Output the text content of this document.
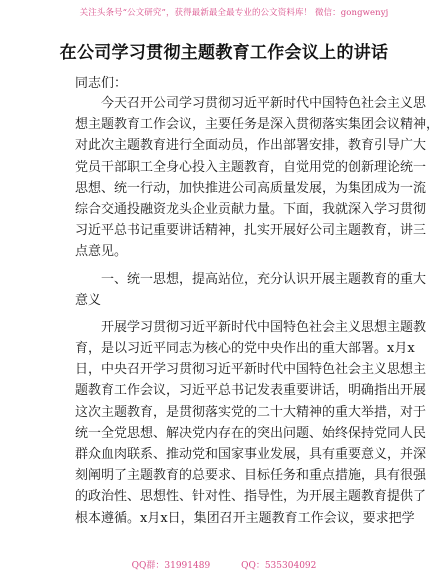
关注头条号“公文研究”，获得最新最全最专业的公文资料库！ 微信：gongwenyj
在公司学习贯彻主题教育工作会议上的讲话
同志们：
今天召开公司学习贯彻习近平新时代中国特色社会主义思
想主题教育工作会议，主要任务是深入贯彻落实集团会议精神，
对此次主题教育进行全面动员，作出部署安排，教育引导广大
党员干部职工全身心投入主题教育，自觉用党的创新理论统一
思想、统一行动，加快推进公司高质量发展，为集团成为一流
综合交通投融资龙头企业贡献力量。下面，我就深入学习贯彻
习近平总书记重要讲话精神，扎实开展好公司主题教育，讲三
点意见。
一、统一思想，提高站位，充分认识开展主题教育的重大
意义
开展学习贯彻习近平新时代中国特色社会主义思想主题教
育，是以习近平同志为核心的党中央作出的重大部署。x月x
日，中央召开学习贯彻习近平新时代中国特色社会主义思想主
题教育工作会议，习近平总书记发表重要讲话，明确指出开展
这次主题教育，是贯彻落实党的二十大精神的重大举措，对于
统一全党思想、解决党内存在的突出问题、始终保持党同人民
群众血肉联系、推动党和国家事业发展，具有重要意义，并深
刻阐明了主题教育的总要求、目标任务和重点措施，具有很强
的政治性、思想性、针对性、指导性，为开展主题教育提供了
根本遵循。x月x日，集团召开主题教育工作会议，要求把学
QQ群：31991489	QQ：535304092
